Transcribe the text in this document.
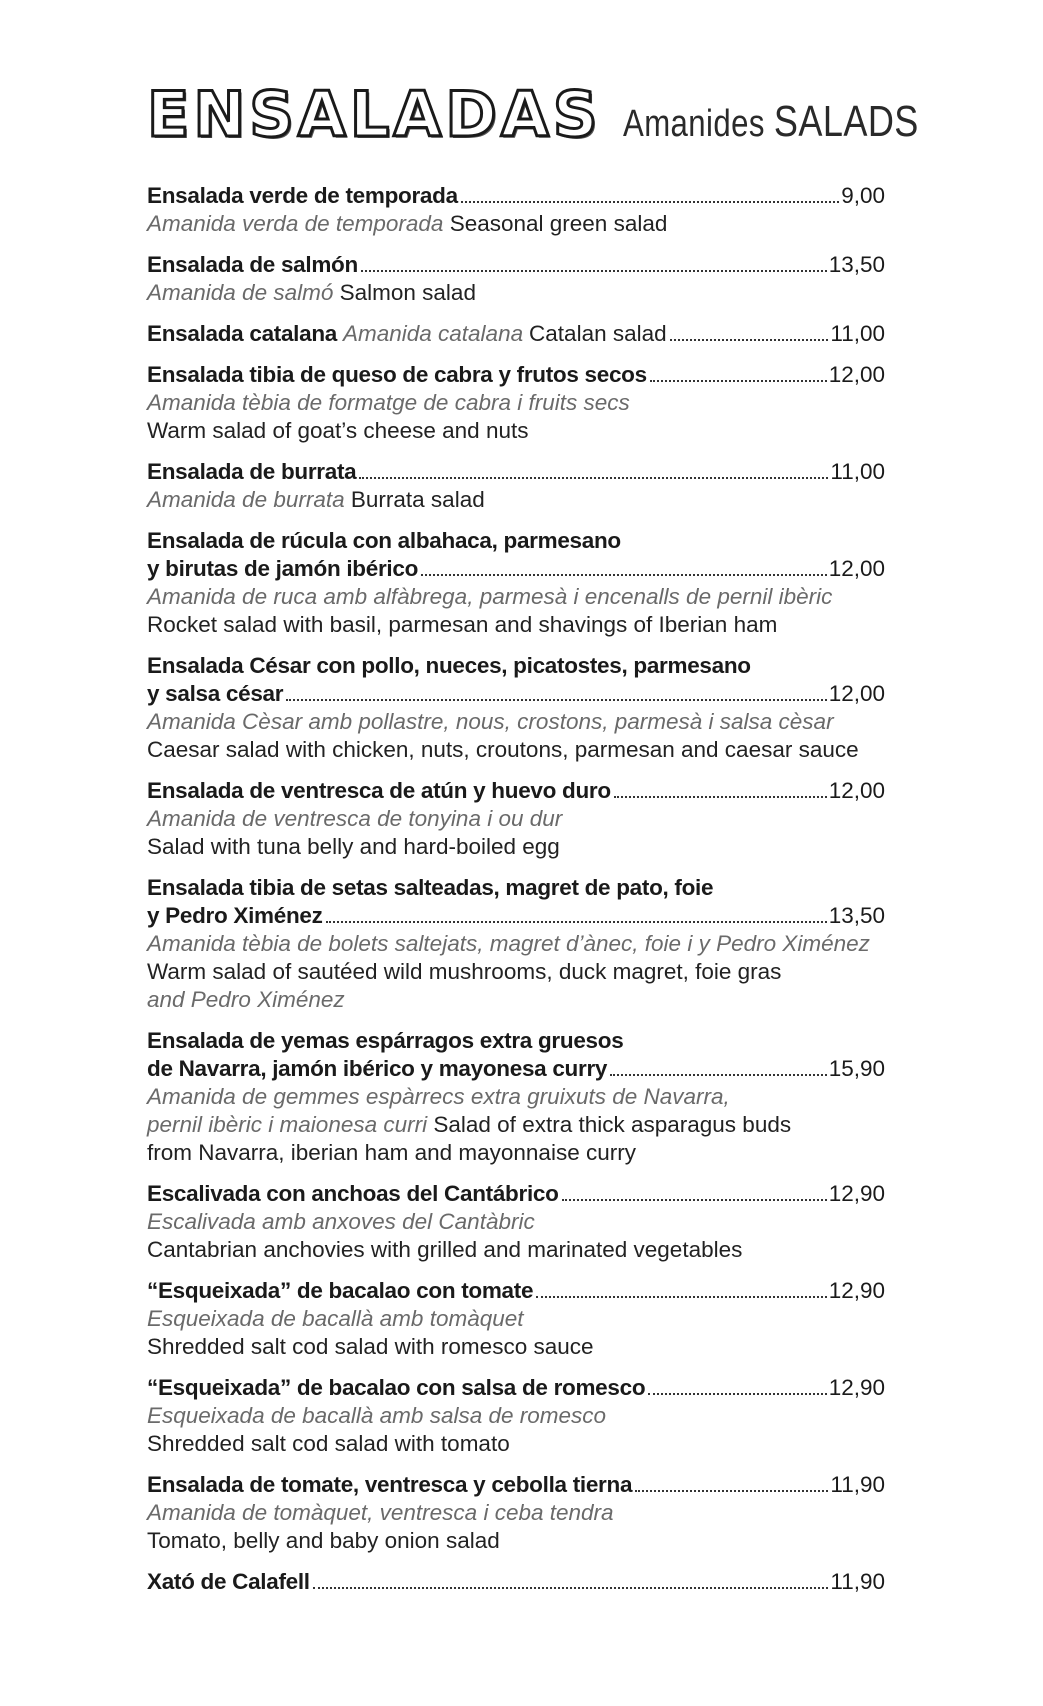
ENSALADAS Amanides SALADS
Ensalada verde de temporada	9,00
Amanida verda de temporada Seasonal green salad
Ensalada de salmón	13,50
Amanida de salmó Salmon salad
Ensalada catalana Amanida catalana Catalan salad	11,00
Ensalada tibia de queso de cabra y frutos secos	12,00
Amanida tèbia de formatge de cabra i fruits secs
Warm salad of goat’s cheese and nuts
Ensalada de burrata	11,00
Amanida de burrata Burrata salad
Ensalada de rúcula con albahaca, parmesano
y birutas de jamón ibérico	12,00
Amanida de ruca amb alfàbrega, parmesà i encenalls de pernil ibèric
Rocket salad with basil, parmesan and shavings of Iberian ham
Ensalada César con pollo, nueces, picatostes, parmesano
y salsa césar	12,00
Amanida Cèsar amb pollastre, nous, crostons, parmesà i salsa cèsar
Caesar salad with chicken, nuts, croutons, parmesan and caesar sauce
Ensalada de ventresca de atún y huevo duro	12,00
Amanida de ventresca de tonyina i ou dur
Salad with tuna belly and hard-boiled egg
Ensalada tibia de setas salteadas, magret de pato, foie
y Pedro Ximénez	13,50
Amanida tèbia de bolets saltejats, magret d’ànec, foie i y Pedro Ximénez
Warm salad of sautéed wild mushrooms, duck magret, foie gras
and Pedro Ximénez
Ensalada de yemas espárragos extra gruesos
de Navarra, jamón ibérico y mayonesa curry	15,90
Amanida de gemmes espàrrecs extra gruixuts de Navarra,
pernil ibèric i maionesa curri Salad of extra thick asparagus buds
from Navarra, iberian ham and mayonnaise curry
Escalivada con anchoas del Cantábrico	12,90
Escalivada amb anxoves del Cantàbric
Cantabrian anchovies with grilled and marinated vegetables
“Esqueixada” de bacalao con tomate	12,90
Esqueixada de bacallà amb tomàquet
Shredded salt cod salad with romesco sauce
“Esqueixada” de bacalao con salsa de romesco	12,90
Esqueixada de bacallà amb salsa de romesco
Shredded salt cod salad with tomato
Ensalada de tomate, ventresca y cebolla tierna	11,90
Amanida de tomàquet, ventresca i ceba tendra
Tomato, belly and baby onion salad
Xató de Calafell	11,90
